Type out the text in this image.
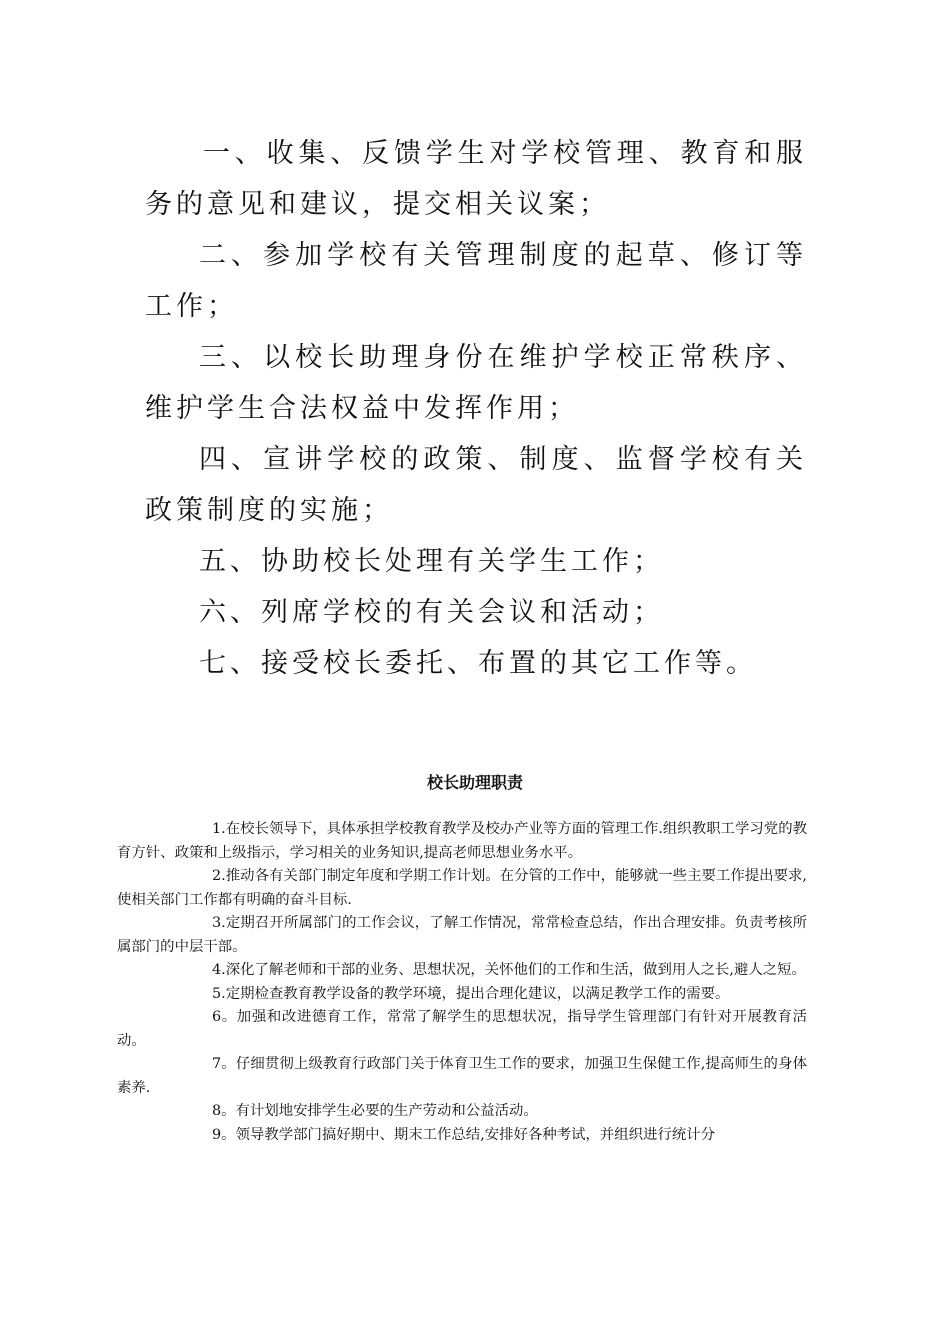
一、收集、反馈学生对学校管理、教育和服务的意见和建议，提交相关议案；

二、参加学校有关管理制度的起草、修订等工作；

三、以校长助理身份在维护学校正常秩序、维护学生合法权益中发挥作用；

四、宣讲学校的政策、制度、监督学校有关政策制度的实施；

五、协助校长处理有关学生工作；

六、列席学校的有关会议和活动；

七、接受校长委托、布置的其它工作等。

校长助理职责

1.在校长领导下，具体承担学校教育教学及校办产业等方面的管理工作.组织教职工学习党的教育方针、政策和上级指示，学习相关的业务知识,提高老师思想业务水平。

2.推动各有关部门制定年度和学期工作计划。在分管的工作中，能够就一些主要工作提出要求,使相关部门工作都有明确的奋斗目标.

3.定期召开所属部门的工作会议，了解工作情况，常常检查总结，作出合理安排。负责考核所属部门的中层干部。

4.深化了解老师和干部的业务、思想状况，关怀他们的工作和生活，做到用人之长,避人之短。

5.定期检查教育教学设备的教学环境，提出合理化建议，以满足教学工作的需要。

6。加强和改进德育工作，常常了解学生的思想状况，指导学生管理部门有针对开展教育活动。

7。仔细贯彻上级教育行政部门关于体育卫生工作的要求，加强卫生保健工作,提高师生的身体素养.

8。有计划地安排学生必要的生产劳动和公益活动。

9。领导教学部门搞好期中、期末工作总结,安排好各种考试，并组织进行统计分
